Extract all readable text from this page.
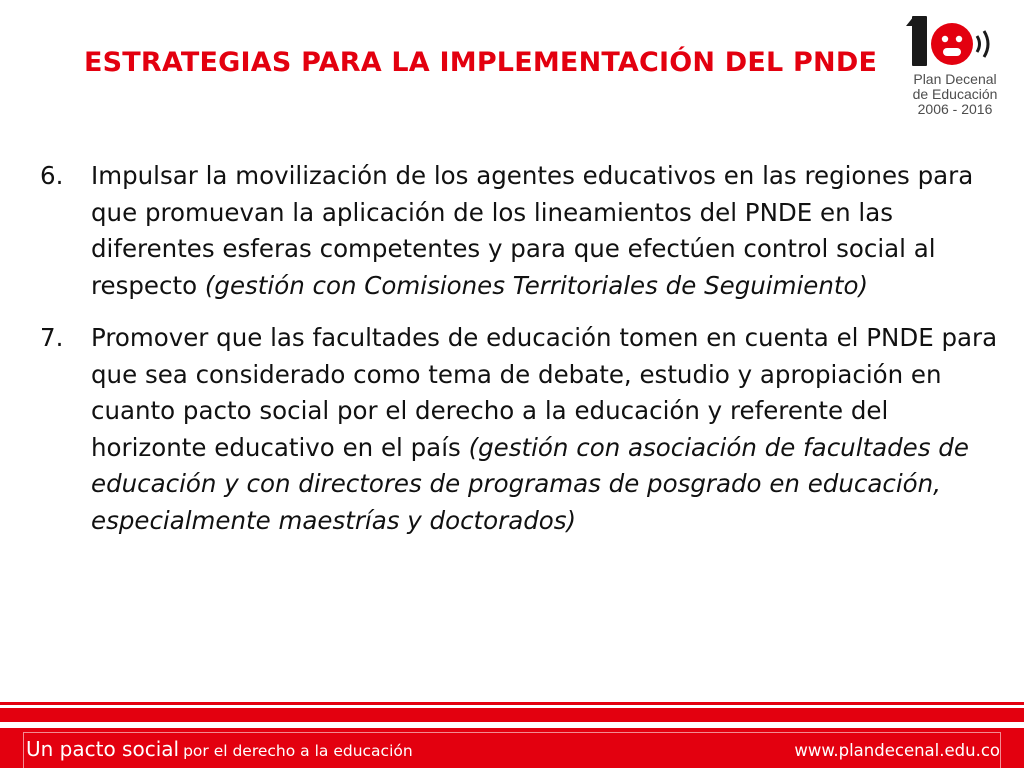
ESTRATEGIAS PARA LA IMPLEMENTACIÓN DEL PNDE
Plan Decenal
de Educación
2006 - 2016
6.	Impulsar la movilización de los agentes educativos en las regiones para que promuevan la aplicación de los lineamientos del PNDE en las diferentes esferas competentes y para que efectúen control social al respecto (gestión con Comisiones Territoriales de Seguimiento)
7.	Promover que las facultades de educación tomen en cuenta el PNDE para que sea considerado como tema de debate, estudio y apropiación en cuanto pacto social por el derecho a la educación y referente del horizonte educativo en el país (gestión con asociación de facultades de educación y con directores de programas de posgrado en educación, especialmente maestrías y doctorados)
Un pacto social por el derecho a la educación	www.plandecenal.edu.co
